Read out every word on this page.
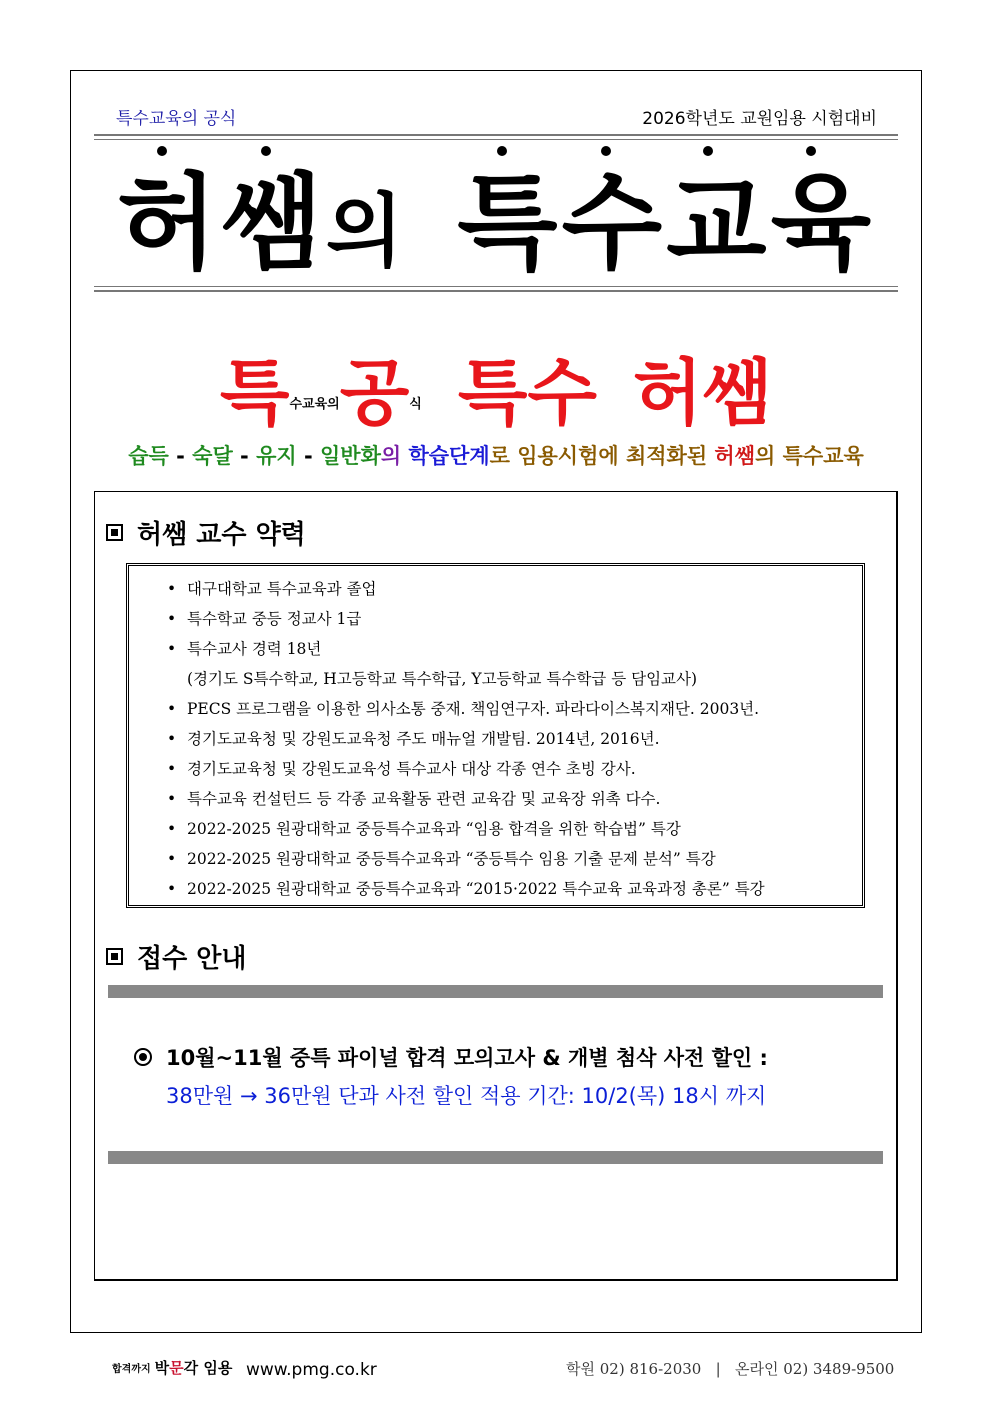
특수교육의 공식	2026학년도 교원임용 시험대비
허쌤의 특수교육
특$^{수교육의}$공$^식$ 특수 허쌤
습득 - 숙달 - 유지 - 일반화의 학습단계로 임용시험에 최적화된 허쌤의 특수교육
허쌤 교수 약력
• 대구대학교 특수교육과 졸업
• 특수학교 중등 정교사 1급
• 특수교사 경력 18년
(경기도 S특수학교, H고등학교 특수학급, Y고등학교 특수학급 등 담임교사)
• PECS 프로그램을 이용한 의사소통 중재. 책임연구자. 파라다이스복지재단. 2003년.
• 경기도교육청 및 강원도교육청 주도 매뉴얼 개발팀. 2014년, 2016년.
• 경기도교육청 및 강원도교육성 특수교사 대상 각종 연수 초빙 강사.
• 특수교육 컨설턴드 등 각종 교육활동 관련 교육감 및 교육장 위촉 다수.
• 2022-2025 원광대학교 중등특수교육과 “임용 합격을 위한 학습법” 특강
• 2022-2025 원광대학교 중등특수교육과 “중등특수 임용 기출 문제 분석” 특강
• 2022-2025 원광대학교 중등특수교육과 “2015·2022 특수교육 교육과정 총론” 특강
접수 안내
10월~11월 중특 파이널 합격 모의고사 & 개별 첨삭 사전 할인 :
38만원 → 36만원 단과 사전 할인 적용 기간: 10/2(목) 18시 까지
합격까지 박문각 임용 www.pmg.co.kr	학원 02) 816-2030   |   온라인 02) 3489-9500
